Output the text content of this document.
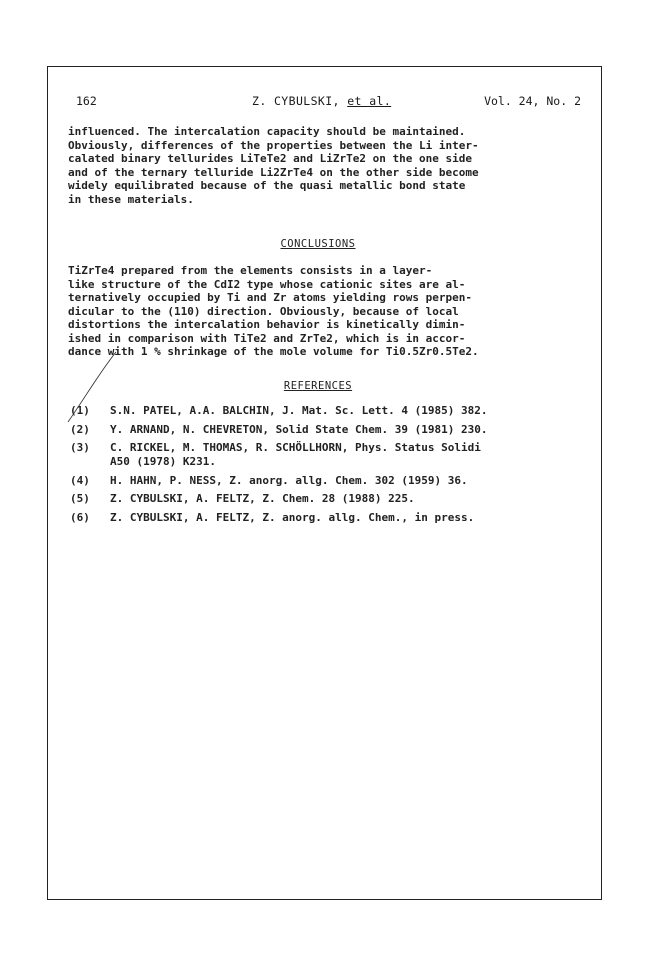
162	Z. CYBULSKI, et al.	Vol. 24, No. 2

influenced. The intercalation capacity should be maintained.
Obviously, differences of the properties between the Li inter-
calated binary tellurides LiTeTe2 and LiZrTe2 on the one side
and of the ternary telluride Li2ZrTe4 on the other side become
widely equilibrated because of the quasi metallic bond state
in these materials.

CONCLUSIONS

TiZrTe4 prepared from the elements consists in a layer-
like structure of the CdI2 type whose cationic sites are al-
ternatively occupied by Ti and Zr atoms yielding rows perpen-
dicular to the (110) direction. Obviously, because of local
distortions the intercalation behavior is kinetically dimin-
ished in comparison with TiTe2 and ZrTe2, which is in accor-
dance with 1 % shrinkage of the mole volume for Ti0.5Zr0.5Te2.

REFERENCES

(1)	S.N. PATEL, A.A. BALCHIN, J. Mat. Sc. Lett. 4 (1985) 382.
(2)	Y. ARNAND, N. CHEVRETON, Solid State Chem. 39 (1981) 230.
(3)	C. RICKEL, M. THOMAS, R. SCHÖLLHORN, Phys. Status Solidi
A50 (1978) K231.
(4)	H. HAHN, P. NESS, Z. anorg. allg. Chem. 302 (1959) 36.
(5)	Z. CYBULSKI, A. FELTZ, Z. Chem. 28 (1988) 225.
(6)	Z. CYBULSKI, A. FELTZ, Z. anorg. allg. Chem., in press.
